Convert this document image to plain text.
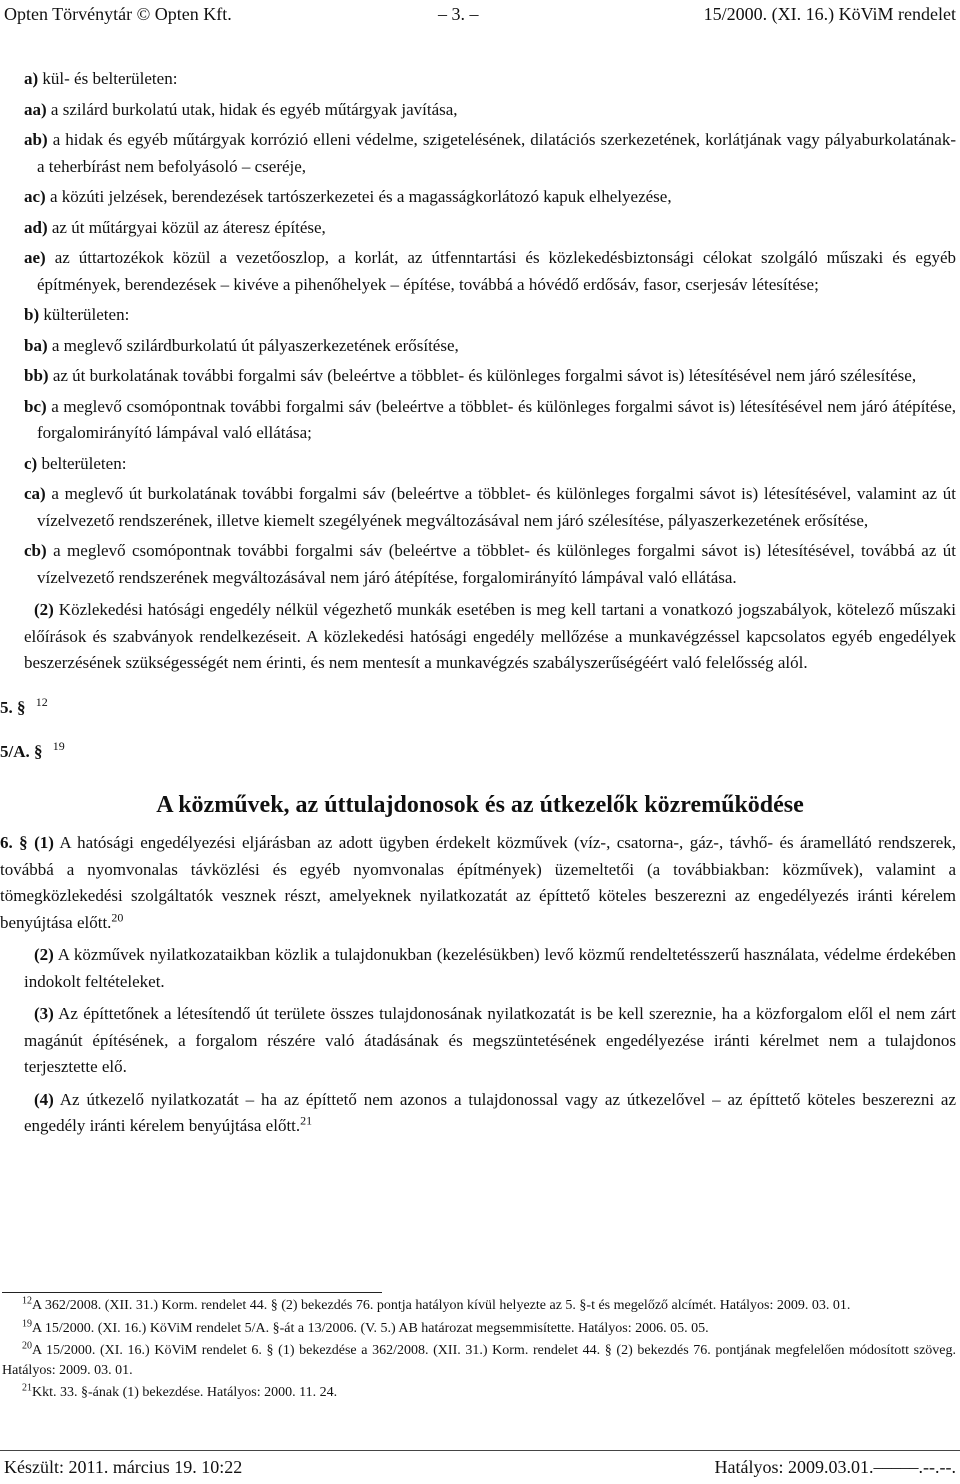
Opten Törvénytár © Opten Kft.	– 3. –	15/2000. (XI. 16.) KöViM rendelet
a) kül- és belterületen:
aa) a szilárd burkolatú utak, hidak és egyéb műtárgyak javítása,
ab) a hidak és egyéb műtárgyak korrózió elleni védelme, szigetelésének, dilatációs szerkezetének, korlátjának vagy pályaburkolatának- a teherbírást nem befolyásoló – cseréje,
ac) a közúti jelzések, berendezések tartószerkezetei és a magasságkorlátozó kapuk elhelyezése,
ad) az út műtárgyai közül az áteresz építése,
ae) az úttartozékok közül a vezetőoszlop, a korlát, az útfenntartási és közlekedésbiztonsági célokat szolgáló műszaki és egyéb építmények, berendezések – kivéve a pihenőhelyek – építése, továbbá a hóvédő erdősáv, fasor, cserjesáv létesítése;
b) külterületen:
ba) a meglevő szilárdburkolatú út pályaszerkezetének erősítése,
bb) az út burkolatának további forgalmi sáv (beleértve a többlet- és különleges forgalmi sávot is) létesítésével nem járó szélesítése,
bc) a meglevő csomópontnak további forgalmi sáv (beleértve a többlet- és különleges forgalmi sávot is) létesítésével nem járó átépítése, forgalomirányító lámpával való ellátása;
c) belterületen:
ca) a meglevő út burkolatának további forgalmi sáv (beleértve a többlet- és különleges forgalmi sávot is) létesítésével, valamint az út vízelvezető rendszerének, illetve kiemelt szegélyének megváltozásával nem járó szélesítése, pályaszerkezetének erősítése,
cb) a meglevő csomópontnak további forgalmi sáv (beleértve a többlet- és különleges forgalmi sávot is) létesítésével, továbbá az út vízelvezető rendszerének megváltozásával nem járó átépítése, forgalomirányító lámpával való ellátása.
(2) Közlekedési hatósági engedély nélkül végezhető munkák esetében is meg kell tartani a vonatkozó jogszabályok, kötelező műszaki előírások és szabványok rendelkezéseit. A közlekedési hatósági engedély mellőzése a munkavégzéssel kapcsolatos egyéb engedélyek beszerzésének szükségességét nem érinti, és nem mentesít a munkavégzés szabályszerűségéért való felelősség alól.
5. § $^{12}$
5/A. § $^{19}$
A közművek, az úttulajdonosok és az útkezelők közreműködése
6. § (1) A hatósági engedélyezési eljárásban az adott ügyben érdekelt közművek (víz-, csatorna-, gáz-, távhő- és áramellátó rendszerek, továbbá a nyomvonalas távközlési és egyéb nyomvonalas építmények) üzemeltetői (a továbbiakban: közművek), valamint a tömegközlekedési szolgáltatók vesznek részt, amelyeknek nyilatkozatát az építtető köteles beszerezni az engedélyezés iránti kérelem benyújtása előtt.$^{20}$
(2) A közművek nyilatkozataikban közlik a tulajdonukban (kezelésükben) levő közmű rendeltetésszerű használata, védelme érdekében indokolt feltételeket.
(3) Az építtetőnek a létesítendő út területe összes tulajdonosának nyilatkozatát is be kell szereznie, ha a közforgalom elől el nem zárt magánút építésének, a forgalom részére való átadásának és megszüntetésének engedélyezése iránti kérelmet nem a tulajdonos terjesztette elő.
(4) Az útkezelő nyilatkozatát – ha az építtető nem azonos a tulajdonossal vagy az útkezelővel – az építtető köteles beszerezni az engedély iránti kérelem benyújtása előtt.$^{21}$
$^{12}$A 362/2008. (XII. 31.) Korm. rendelet 44. § (2) bekezdés 76. pontja hatályon kívül helyezte az 5. §-t és megelőző alcímét. Hatályos: 2009. 03. 01.
$^{19}$A 15/2000. (XI. 16.) KöViM rendelet 5/A. §-át a 13/2006. (V. 5.) AB határozat megsemmisítette. Hatályos: 2006. 05. 05.
$^{20}$A 15/2000. (XI. 16.) KöViM rendelet 6. § (1) bekezdése a 362/2008. (XII. 31.) Korm. rendelet 44. § (2) bekezdés 76. pontjának megfelelően módosított szöveg. Hatályos: 2009. 03. 01.
$^{21}$Kkt. 33. §-ának (1) bekezdése. Hatályos: 2000. 11. 24.
Készült: 2011. március 19. 10:22	Hatályos: 2009.03.01.–––––.--.--.
